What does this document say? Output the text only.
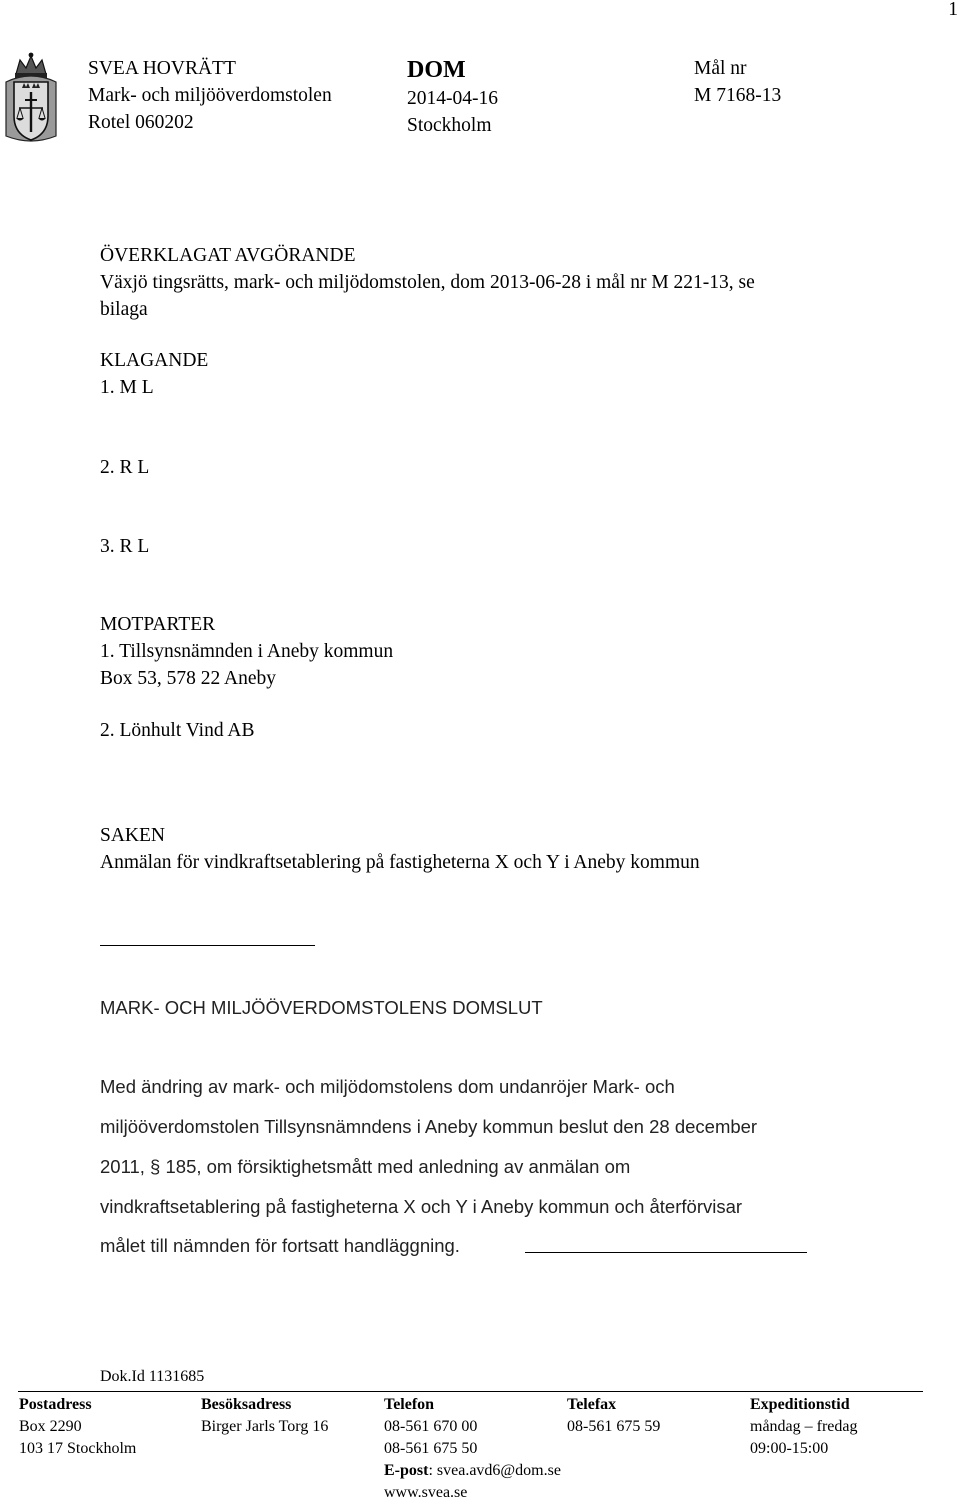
1
SVEA HOVRÄTT
Mark- och miljööverdomstolen
Rotel 060202
DOM
2014-04-16
Stockholm
Mål nr
M 7168-13
ÖVERKLAGAT AVGÖRANDE
Växjö tingsrätts, mark- och miljödomstolen, dom 2013-06-28 i mål nr M 221-13, se
bilaga
KLAGANDE
1. M L
2. R L
3. R L
MOTPARTER
1. Tillsynsnämnden i Aneby kommun
Box 53, 578 22 Aneby
2. Lönhult Vind AB
SAKEN
Anmälan för vindkraftsetablering på fastigheterna X och Y i Aneby kommun
MARK- OCH MILJÖÖVERDOMSTOLENS DOMSLUT
Med ändring av mark- och miljödomstolens dom undanröjer Mark- och
miljööverdomstolen Tillsynsnämndens i Aneby kommun beslut den 28 december
2011, § 185, om försiktighetsmått med anledning av anmälan om
vindkraftsetablering på fastigheterna X och Y i Aneby kommun och återförvisar
målet till nämnden för fortsatt handläggning.
Dok.Id 1131685
Postadress
Box 2290
103 17 Stockholm
Besöksadress
Birger Jarls Torg 16
Telefon
08-561 670 00
08-561 675 50
E-post: svea.avd6@dom.se
www.svea.se
Telefax
08-561 675 59
Expeditionstid
måndag – fredag
09:00-15:00
